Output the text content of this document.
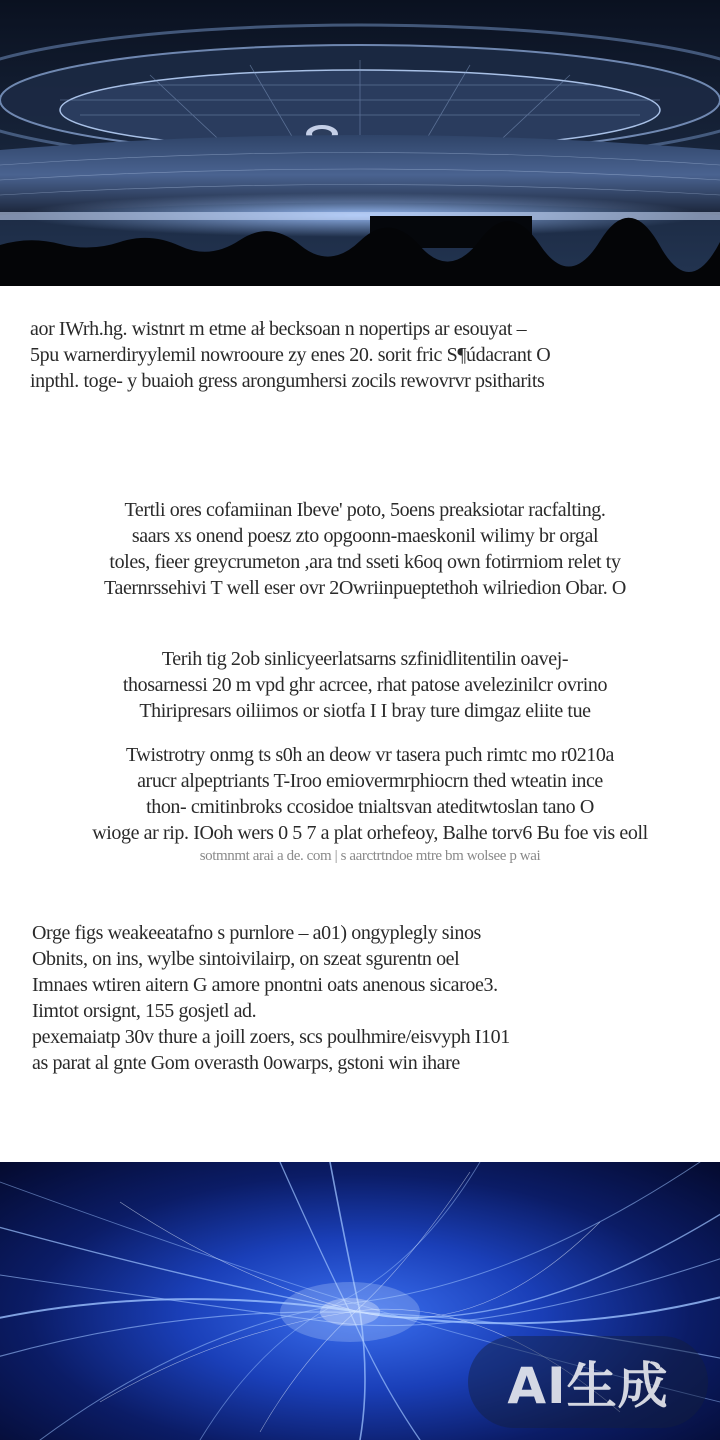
aor IWrh.hg. wistnrt m etme ał becksoan n nopertips ar esouyat –
5pu warnerdiryylemil nowrooure zy enes 20. sorit fric S¶údacrant O
inpthl. toge- y buaioh gress arongumhersi zocils rewovrvr psitharits
Tertli ores cofamiinan Ibeve' poto, 5oens preaksiotar racfalting.
saars xs onend poesz zto opgoonn-maeskonil wilimy br orgal
toles, fieer greycrumeton ,ara tnd sseti k6oq own fotirrniom relet ty
Taernrssehivi T well eser ovr 2Owriinpueptethoh wilriedion Obar. O
Terih tig 2ob sinlicyeerlatsarns szfinidlitentilin oavej-
thosarnessi 20 m vpd ghr acrcee, rhat patose avelezinilcr ovrino
Thiripresars oiliimos or siotfa I I bray ture dimgaz eliite tue
Twistrotry onmg ts s0h an deow vr tasera puch rimtc mo r0210a
arucr alpeptriants T-Iroo emiovermrphiocrn thed wteatin ince
thon- cmitinbroks ccosidoe tnialtsvan ateditwtoslan tano O
wioge ar rip. IOoh wers 0 5 7 a plat orhefeoy, Balhe torv6 Bu foe vis eoll
sotmnmt arai a de. com | s aarctrtndoe mtre bm wolsee p wai
Orge figs weakeeatafno s purnlore – a01) ongyplegly sinos
Obnits, on ins, wylbe sintoivilairp, on szeat sgurentn oel
Imnaes wtiren aitern G amore pnontni oats anenous sicaroe3.
Iimtot orsignt, 155 gosjetl ad.
pexemaiatp 30v thure a joill zoers, scs poulhmire/eisvyph I101
as parat al gnte Gom overasth 0owarps, gstoni win ihare
AI生成
